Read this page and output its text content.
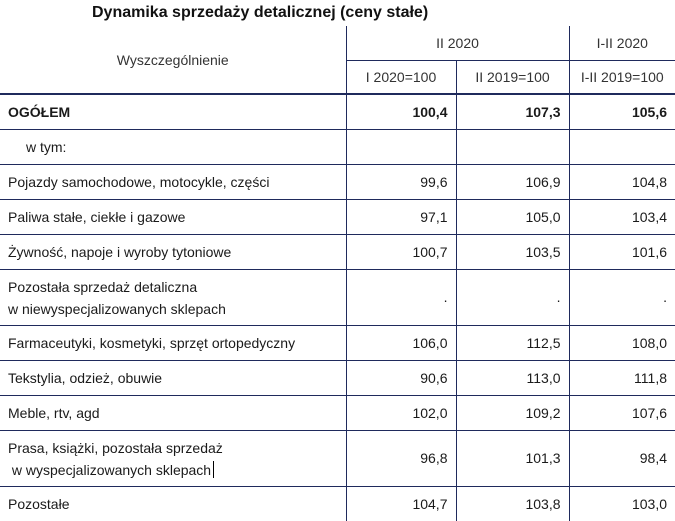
Dynamika sprzedaży detalicznej (ceny stałe)
Wyszczególnienie	II 2020		I-II 2020
	I 2020=100	II 2019=100	I-II 2019=100
OGÓŁEM	100,4	107,3	105,6
w tym:			
Pojazdy samochodowe, motocykle, części	99,6	106,9	104,8
Paliwa stałe, ciekłe i gazowe	97,1	105,0	103,4
Żywność, napoje i wyroby tytoniowe	100,7	103,5	101,6
Pozostała sprzedaż detaliczna
w niewyspecjalizowanych sklepach	.	.	.
Farmaceutyki, kosmetyki, sprzęt ortopedyczny	106,0	112,5	108,0
Tekstylia, odzież, obuwie	90,6	113,0	111,8
Meble, rtv, agd	102,0	109,2	107,6
Prasa, książki, pozostała sprzedaż
w wyspecjalizowanych sklepach	96,8	101,3	98,4
Pozostałe	104,7	103,8	103,0
